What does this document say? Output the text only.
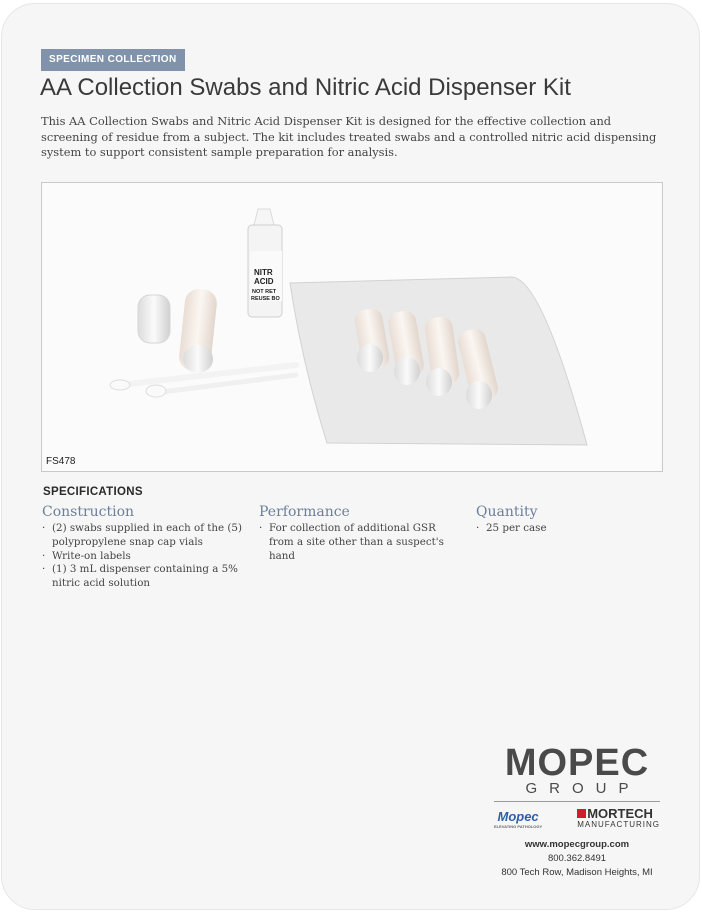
SPECIMEN COLLECTION
AA Collection Swabs and Nitric Acid Dispenser Kit
This AA Collection Swabs and Nitric Acid Dispenser Kit is designed for the effective collection and screening of residue from a subject. The kit includes treated swabs and a controlled nitric acid dispensing system to support consistent sample preparation for analysis.
NITR
ACID
NOT RET
REUSE BO
FS478
SPECIFICATIONS
Construction
· (2) swabs supplied in each of the (5) polypropylene snap cap vials
· Write-on labels
· (1) 3 mL dispenser containing a 5% nitric acid solution
Performance
· For collection of additional GSR from a site other than a suspect's hand
Quantity
· 25 per case
MOPEC
GROUP
Mopec
ELEVATING PATHOLOGY
MORTECH
MANUFACTURING
www.mopecgroup.com
800.362.8491
800 Tech Row, Madison Heights, MI
